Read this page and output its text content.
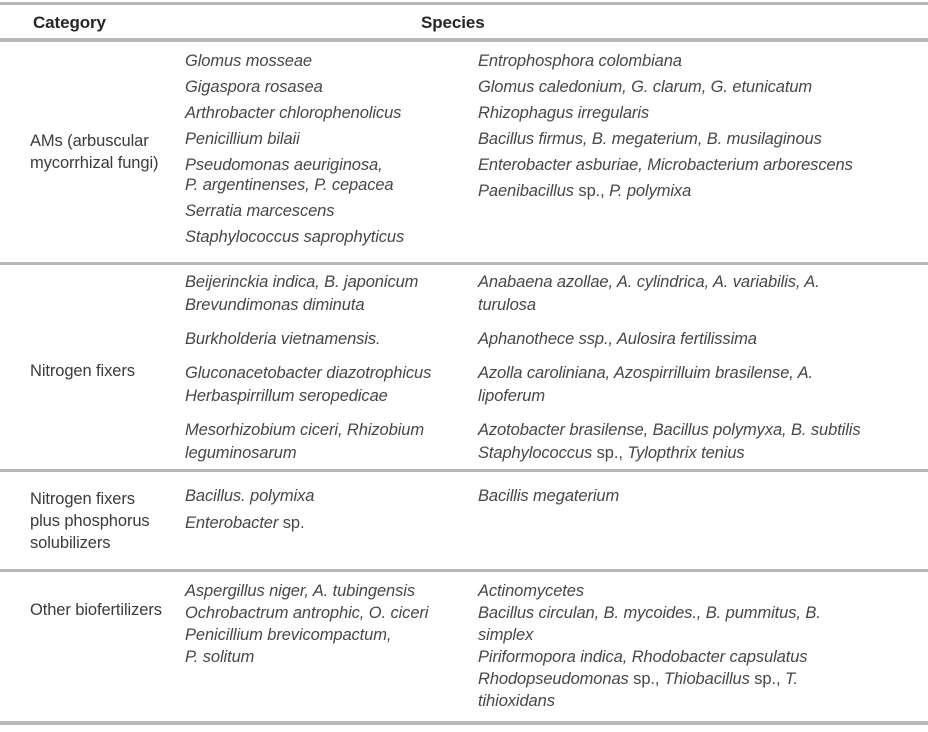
Category	Species
AMs (arbuscular
mycorrhizal fungi)

Glomus mosseae

Gigaspora rosasea

Arthrobacter chlorophenolicus

Penicillium bilaii

Pseudomonas aeuriginosa,
P. argentinenses, P. cepacea

Serratia marcescens

Staphylococcus saprophyticus

Entrophosphora colombiana

Glomus caledonium, G. clarum, G. etunicatum

Rhizophagus irregularis

Bacillus firmus, B. megaterium, B. musilaginous

Enterobacter asburiae, Microbacterium arborescens

Paenibacillus sp., P. polymixa

Nitrogen fixers

Beijerinckia indica, B. japonicum
Brevundimonas diminuta

Burkholderia vietnamensis.

Gluconacetobacter diazotrophicus
Herbaspirrillum seropedicae

Mesorhizobium ciceri, Rhizobium
leguminosarum

Anabaena azollae, A. cylindrica, A. variabilis, A.
turulosa

Aphanothece ssp., Aulosira fertilissima

Azolla caroliniana, Azospirrilluim brasilense, A.
lipoferum

Azotobacter brasilense, Bacillus polymyxa, B. subtilis
Staphylococcus sp., Tylopthrix tenius

Nitrogen fixers
plus phosphorus
solubilizers

Bacillus. polymixa

Enterobacter sp.

Bacillis megaterium

Other biofertilizers

Aspergillus niger, A. tubingensis

Ochrobactrum antrophic, O. ciceri

Penicillium brevicompactum,
P. solitum

Actinomycetes

Bacillus circulan, B. mycoides., B. pummitus, B.
simplex

Piriformopora indica, Rhodobacter capsulatus

Rhodopseudomonas sp., Thiobacillus sp., T.
tihioxidans
